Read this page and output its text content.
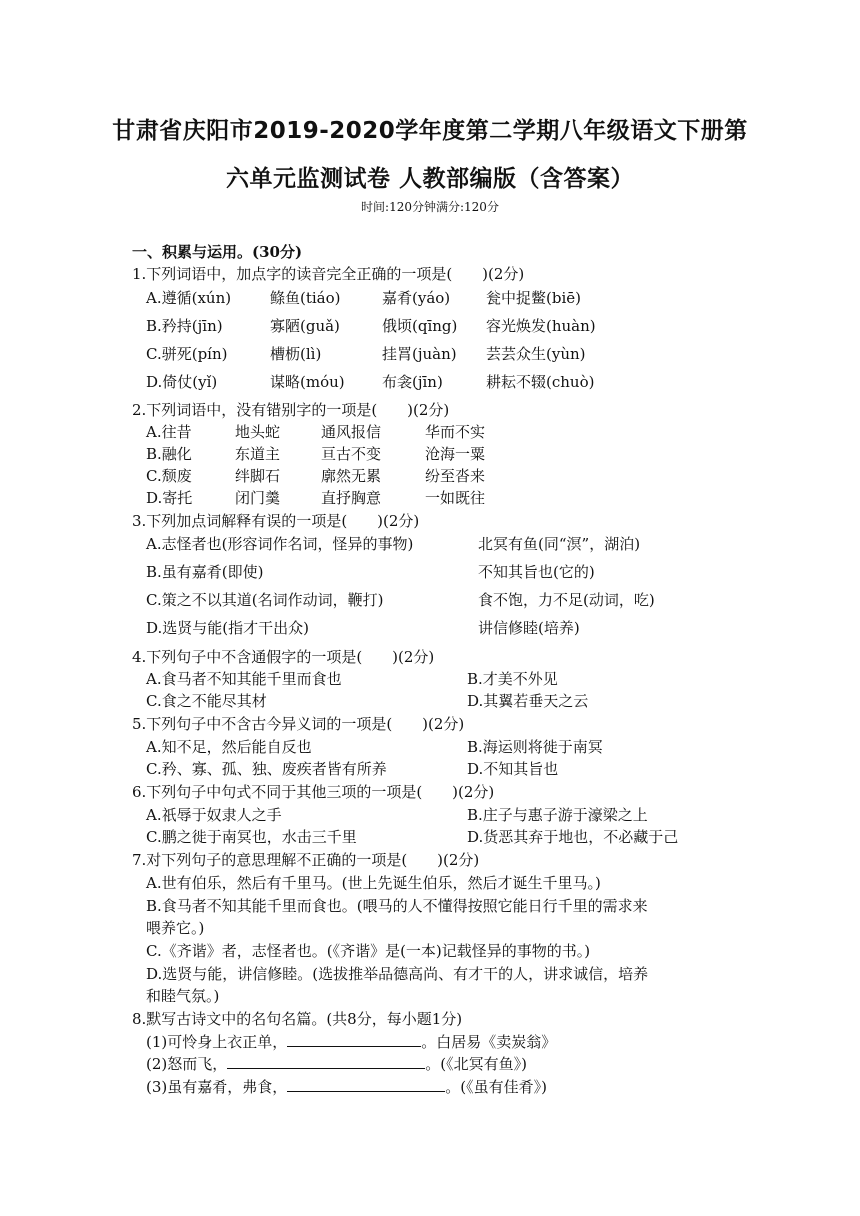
甘肃省庆阳市2019-2020学年度第二学期八年级语文下册第
六单元监测试卷 人教部编版（含答案）
时间:120分钟满分:120分
一、积累与运用。(30分)
1.下列词语中，加点字的读音完全正确的一项是(　　)(2分)
A.遵循(xún)	鲦鱼(tiáo)	嘉肴(yáo) 瓮中捉鳖(biē)
B.矜持(jīn)	寡陋(guǎ)	俄顷(qīng) 容光焕发(huàn)
C.骈死(pín)	槽枥(lì)	挂罥(juàn) 芸芸众生(yùn)
D.倚仗(yǐ)	谋略(móu) 布衾(jīn)	耕耘不辍(chuò)
2.下列词语中，没有错别字的一项是(　　)(2分)
A.往昔	地头蛇	通风报信	华而不实
B.融化	东道主	亘古不变	沧海一粟
C.颓废	绊脚石	廓然无累	纷至沓来
D.寄托	闭门羹	直抒胸意	一如既往
3.下列加点词解释有误的一项是(　　)(2分)
A.志怪者也(形容词作名词，怪异的事物)	北冥有鱼(同“溟”，湖泊)
B.虽有嘉肴(即使)	不知其旨也(它的)
C.策之不以其道(名词作动词，鞭打)	食不饱，力不足(动词，吃)
D.选贤与能(指才干出众)	讲信修睦(培养)
4.下列句子中不含通假字的一项是(　　)(2分)
A.食马者不知其能千里而食也	B.才美不外见
C.食之不能尽其材	D.其翼若垂天之云
5.下列句子中不含古今异义词的一项是(　　)(2分)
A.知不足，然后能自反也	B.海运则将徙于南冥
C.矜、寡、孤、独、废疾者皆有所养	D.不知其旨也
6.下列句子中句式不同于其他三项的一项是(　　)(2分)
A.祇辱于奴隶人之手	B.庄子与惠子游于濠梁之上
C.鹏之徙于南冥也，水击三千里	D.货恶其弃于地也，不必藏于己
7.对下列句子的意思理解不正确的一项是(　　)(2分)
A.世有伯乐，然后有千里马。(世上先诞生伯乐，然后才诞生千里马。)
B.食马者不知其能千里而食也。(喂马的人不懂得按照它能日行千里的需求来
喂养它。)
C.《齐谐》者，志怪者也。(《齐谐》是(一本)记载怪异的事物的书。)
D.选贤与能，讲信修睦。(选拔推举品德高尚、有才干的人，讲求诚信，培养
和睦气氛。)
8.默写古诗文中的名句名篇。(共8分，每小题1分)
(1)可怜身上衣正单，	。白居易《卖炭翁》
(2)怒而飞，	。(《北冥有鱼》)
(3)虽有嘉肴，弗食，	。(《虽有佳肴》)
